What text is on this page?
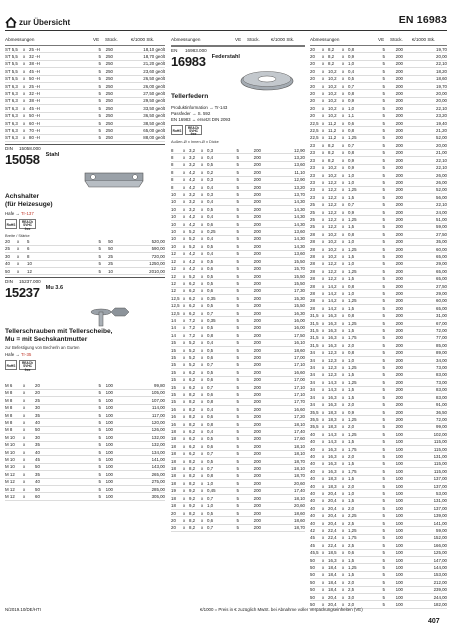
zur Übersicht	EN 16983
Abmessungen	VE Stück.	€/1000 Stk.
ST 5,5 x 25 -H	5 250	18,10 geölt
ST 5,5 x 32 -H	5 250	18,70 geölt
ST 5,5 x 38 -H	5 250	21,20 geölt
ST 5,5 x 45 -H	5 250	23,60 geölt
ST 5,5 x 50 -H	5 250	26,50 geölt
ST 6,3 x 25 -H	5 250	26,00 geölt
ST 6,3 x 32 -H	5 250	27,50 geölt
ST 6,3 x 38 -H	5 250	29,50 geölt
ST 6,3 x 45 -H	5 250	33,50 geölt
ST 6,3 x 50 -H	5 250	36,50 geölt
ST 6,3 x 60 -H	5 250	38,50 geölt
ST 6,3 x 70 -H	5 250	65,00 geölt
ST 6,3 x 80 -H	5 250	88,00 geölt
DIN 15058.000
15058 Stahl
Achshalter
(für Heizesuge)
Hafe → Tr-137
RoHS
REACh
SVHC
free
Breite / Stärke
20 x 5	5 50	520,00
25 x 6	5 50	590,00
30 x 8	5 25	720,00
40 x 10	5 25	1250,00
50 x 12	5 10	2010,00
DIN 15237.000
15237 Mu 3.6
Tellerschrauben mit Tellerscheibe,
Mu = mit Sechskantmutter
zur Befestigung von Becherln an Gurten
Hafe → Tr-35
RoHS
REACh
SVHC
free
M 6 x 20	5 100	99,80
M 8 x 20	5 100	105,00
M 8 x 25	5 100	107,00
M 8 x 30	5 100	114,00
M 8 x 35	5 100	117,00
M 8 x 40	5 100	120,00
M 8 x 50	5 100	126,00
M 10 x 30	5 100	132,00
M 10 x 35	5 100	132,00
M 10 x 40	5 100	134,00
M 10 x 45	5 100	141,00
M 10 x 50	5 100	143,00
M 12 x 35	5 100	265,00
M 12 x 40	5 100	275,00
M 12 x 50	5 100	285,00
M 12 x 60	5 100	305,00
Abmessungen	VE Stück. €/1000 Stk.
EN 16983.000
16983 Federstahl
Tellerfedern
Produktinformation → Tr-143
Passfeder → S. 592
EN 16983 ↔ ersetzt DIN 2093
RoHS
REACh
SVHC
free
Außen-Ø x Innen-Ø x Dicke
8 x 3,2 x 0,3	5	200	12,90
8 x 3,2 x 0,4	5	200	13,20
8 x 3,2 x 0,5	5	200	13,60
8 x 4,2 x 0,2	5	200	11,10
8 x 4,2 x 0,3	5	200	12,90
8 x 4,2 x 0,4	5	200	13,20
10 x 3,2 x 0,3	5	200	13,70
10 x 3,2 x 0,4	5	200	14,30
10 x 3,2 x 0,5	5	200	14,30
10 x 4,2 x 0,4	5	200	14,30
10 x 4,2 x 0,6	5	200	14,30
10 x 5,2 x 0,25	5	200	13,60
10 x 5,2 x 0,4	5	200	14,30
10 x 5,2 x 0,5	5	200	14,30
12 x 4,2 x 0,4	5	200	13,60
12 x 4,2 x 0,5	5	200	15,50
12 x 4,2 x 0,6	5	200	15,70
12 x 5,2 x 0,5	5	200	15,50
12 x 6,2 x 0,5	5	200	15,50
12 x 6,2 x 0,6	5	200	17,30
12,5 x 6,2 x 0,35	5	200	15,30
12,5 x 6,2 x 0,5	5	200	15,50
12,5 x 6,2 x 0,7	5	200	16,30
14 x 7,2 x 0,35	5	200	16,00
14 x 7,2 x 0,5	5	200	16,00
14 x 7,2 x 0,8	5	200	17,50
15 x 5,2 x 0,4	5	200	16,10
15 x 5,2 x 0,5	5	200	18,60
15 x 5,2 x 0,6	5	200	17,00
15 x 5,2 x 0,7	5	200	17,10
15 x 6,2 x 0,5	5	200	16,60
15 x 6,2 x 0,6	5	200	17,00
15 x 6,2 x 0,7	5	200	17,10
15 x 8,2 x 0,6	5	200	17,10
15 x 8,2 x 0,8	5	200	17,70
16 x 8,2 x 0,4	5	200	16,60
16 x 8,2 x 0,6	5	200	17,20
16 x 8,2 x 0,8	5	200	18,10
18 x 6,2 x 0,4	5	200	17,40
18 x 6,2 x 0,5	5	200	17,60
18 x 6,2 x 0,6	5	200	18,10
18 x 6,2 x 0,7	5	200	18,10
18 x 8,2 x 0,5	5	200	18,70
18 x 8,2 x 0,7	5	200	18,10
18 x 8,2 x 0,8	5	200	18,70
18 x 8,2 x 1,0	5	200	20,60
19 x 9,2 x 0,45	5	200	17,40
18 x 9,2 x 0,7	5	200	18,10
18 x 9,2 x 1,0	5	200	20,60
20 x 8,2 x 0,5	5	200	18,60
20 x 8,2 x 0,6	5	200	18,60
20 x 8,2 x 0,7	5	200	18,70
Abmessungen	VE Stück. €/1000 Stk.
20 x 8,2 x 0,8	5 200	19,70
20 x 8,2 x 0,9	5 200	20,00
20 x 8,2 x 1,0	5 200	22,10
20 x 10,2 x 0,4	5 200	18,20
20 x 10,2 x 0,5	5 200	18,60
20 x 10,2 x 0,7	5 200	19,70
20 x 10,2 x 0,8	5 200	20,00
20 x 10,2 x 0,9	5 200	20,00
20 x 10,2 x 1,0	5 200	22,10
20 x 10,2 x 1,1	5 200	23,20
22,5 x 11,2 x 0,6	5 200	19,40
22,5 x 11,2 x 0,8	5 200	21,20
22,5 x 11,2 x 1,25	5 200	52,00
23 x 8,2 x 0,7	5 200	20,00
23 x 8,2 x 0,8	5 200	21,00
23 x 8,2 x 0,9	5 200	22,10
23 x 10,2 x 0,9	5 200	22,10
23 x 10,2 x 1,0	5 200	26,00
23 x 12,2 x 1,0	5 200	26,00
23 x 12,2 x 1,25	5 200	52,00
23 x 12,2 x 1,5	5 200	56,00
25 x 12,2 x 0,7	5 200	22,10
25 x 12,2 x 0,9	5 200	24,00
25 x 12,2 x 1,25	5 200	51,00
25 x 12,2 x 1,5	5 200	59,00
28 x 10,2 x 0,8	5 200	27,50
28 x 10,2 x 1,0	5 200	35,00
28 x 10,2 x 1,25	5 200	60,00
28 x 10,2 x 1,5	5 200	65,00
28 x 12,2 x 1,0	5 200	29,00
28 x 12,2 x 1,25	5 200	65,00
28 x 12,2 x 1,5	5 200	65,00
28 x 14,2 x 0,8	5 200	27,50
28 x 14,2 x 1,0	5 200	29,00
28 x 14,2 x 1,25	5 200	60,00
28 x 14,2 x 1,5	5 200	65,00
31,5 x 16,3 x 0,8	5 200	31,00
31,5 x 16,3 x 1,25	5 200	67,00
31,5 x 16,3 x 1,5	5 200	72,00
31,5 x 16,3 x 1,75	5 200	77,00
31,5 x 16,3 x 2,0	5 200	85,00
34 x 12,3 x 0,8	5 200	89,00
34 x 12,3 x 1,0	5 200	34,00
34 x 12,3 x 1,25	5 200	73,00
34 x 12,3 x 1,5	5 200	83,00
34 x 14,3 x 1,25	5 200	73,00
34 x 14,3 x 1,5	5 200	83,00
34 x 16,3 x 1,5	5 200	83,00
34 x 16,3 x 2,0	5 200	91,00
35,5 x 18,3 x 0,9	5 200	36,50
35,5 x 18,3 x 1,25	5 200	72,00
35,5 x 18,3 x 2,0	5 200	99,00
40 x 14,3 x 1,25	5 100	102,00
40 x 14,3 x 1,5	5 100	115,00
40 x 16,3 x 1,75	5 100	115,00
40 x 16,3 x 2,0	5 100	131,00
40 x 16,3 x 1,5	5 100	115,00
40 x 16,3 x 1,75	5 100	115,00
40 x 18,3 x 1,5	5 100	137,00
40 x 18,3 x 2,0	5 100	137,00
40 x 20,4 x 1,0	5 100	53,00
40 x 20,4 x 1,5	5 100	131,00
40 x 20,4 x 2,0	5 100	137,00
40 x 20,4 x 2,25	5 100	139,00
40 x 20,4 x 2,5	5 100	141,00
42 x 22,4 x 1,25	5 100	59,00
45 x 22,4 x 1,75	5 100	152,00
45 x 22,4 x 2,5	5 100	166,00
45,5 x 18,5 x 0,6	5 100	125,00
50 x 16,3 x 1,5	5 100	147,00
50 x 18,4 x 1,25	5 100	144,00
50 x 18,4 x 1,5	5 100	153,00
50 x 18,4 x 2,0	5 100	212,00
50 x 18,4 x 2,5	5 100	239,00
50 x 20,4 x 3,0	5 100	244,00
50 x 20,4 x 2,0	5 100	182,00
N/2019.10/DE/HTI	€/1000 = Preis in € zuzüglich MwSt. bei Abnahme voller Verpackungseinheiten (VE)
407
